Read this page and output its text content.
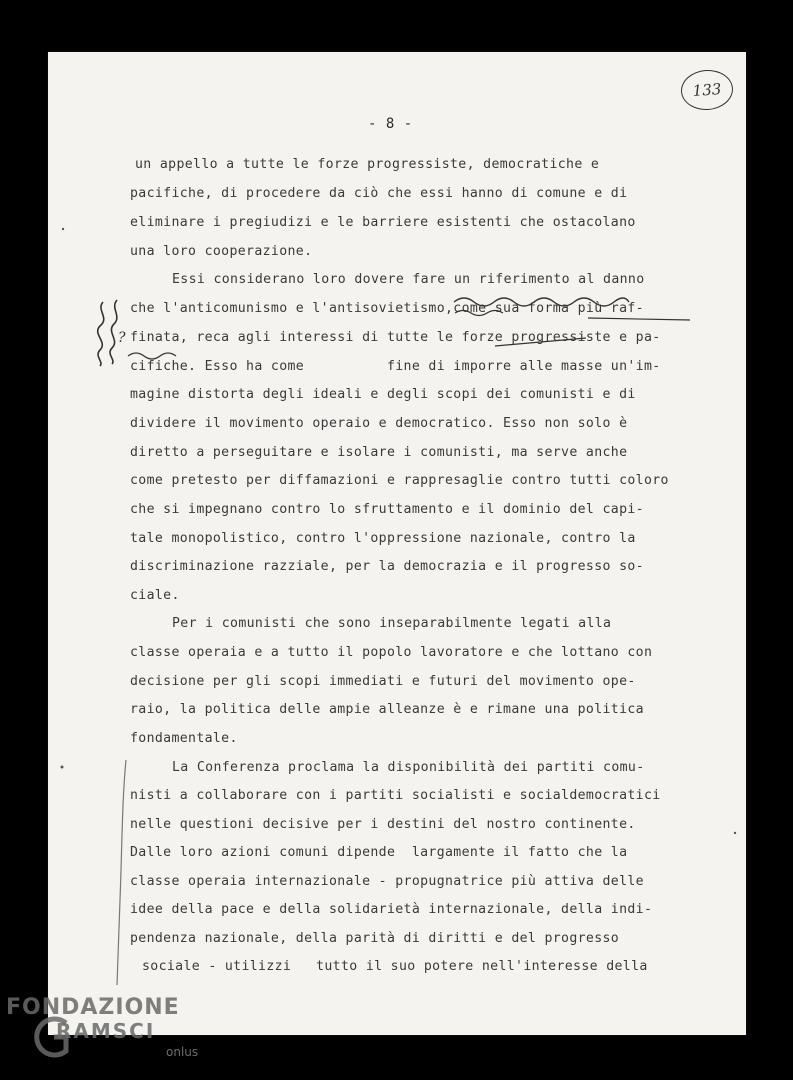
- 8 -
133
un appello a tutte le forze progressiste, democratiche e
pacifiche, di procedere da ciò che essi hanno di comune e di
eliminare i pregiudizi e le barriere esistenti che ostacolano
una loro cooperazione.
Essi considerano loro dovere fare un riferimento al danno
che l'anticomunismo e l'antisovietismo,come sua forma più raf-
finata, reca agli interessi di tutte le forze progressiste e pa-
cifiche. Esso ha come          fine di imporre alle masse un'im-
magine distorta degli ideali e degli scopi dei comunisti e di
dividere il movimento operaio e democratico. Esso non solo è
diretto a perseguitare e isolare i comunisti, ma serve anche
come pretesto per diffamazioni e rappresaglie contro tutti coloro
che si impegnano contro lo sfruttamento e il dominio del capi-
tale monopolistico, contro l'oppressione nazionale, contro la
discriminazione razziale, per la democrazia e il progresso so-
ciale.
Per i comunisti che sono inseparabilmente legati alla
classe operaia e a tutto il popolo lavoratore e che lottano con
decisione per gli scopi immediati e futuri del movimento ope-
raio, la politica delle ampie alleanze è e rimane una politica
fondamentale.
La Conferenza proclama la disponibilità dei partiti comu-
nisti a collaborare con i partiti socialisti e socialdemocratici
nelle questioni decisive per i destini del nostro continente.
Dalle loro azioni comuni dipende  largamente il fatto che la
classe operaia internazionale - propugnatrice più attiva delle
idee della pace e della solidarietà internazionale, della indi-
pendenza nazionale, della parità di diritti e del progresso
sociale - utilizzi   tutto il suo potere nell'interesse della
?
FONDAZIONE
RAMSCI
onlus
